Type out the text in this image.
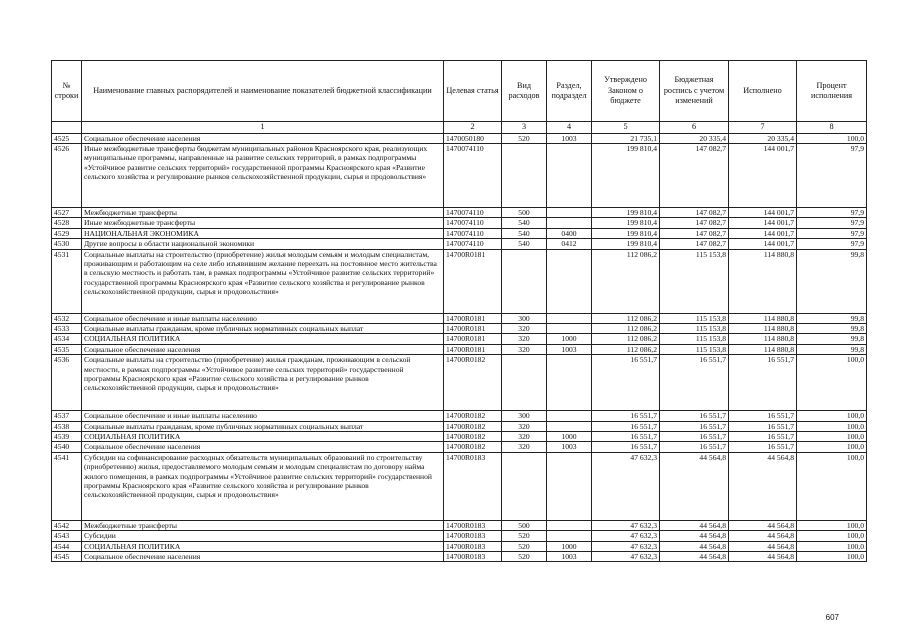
№ строки	Наименование главных распорядителей и наименование показателей бюджетной классификации	Целевая статья	Вид расходов	Раздел, подраздел	Утверждено Законом о бюджете	Бюджетная роспись с учетом изменений	Исполнено	Процент исполнения
	1	2	3	4	5	6	7	8
4525	Социальное обеспечение населения	1470050180	520	1003	21 735,1	20 335,4	20 335,4	100,0
4526	Иные межбюджетные трансферты бюджетам муниципальных районов Красноярского края, реализующих муниципальные программы, направленные на развитие сельских территорий, в рамках подпрограммы «Устойчивое развитие сельских территорий» государственной программы Красноярского края «Развитие сельского хозяйства и регулирование рынков сельскохозяйственной продукции, сырья и продовольствия»	1470074110			199 810,4	147 082,7	144 001,7	97,9
4527	Межбюджетные трансферты	1470074110	500		199 810,4	147 082,7	144 001,7	97,9
4528	Иные межбюджетные трансферты	1470074110	540		199 810,4	147 082,7	144 001,7	97,9
4529	НАЦИОНАЛЬНАЯ ЭКОНОМИКА	1470074110	540	0400	199 810,4	147 082,7	144 001,7	97,9
4530	Другие вопросы в области национальной экономики	1470074110	540	0412	199 810,4	147 082,7	144 001,7	97,9
4531	Социальные выплаты на строительство (приобретение) жилья молодым семьям и молодым специалистам, проживающим и работающим на селе либо изъявившим желание переехать на постоянное место жительства в сельскую местность и работать там, в рамках подпрограммы «Устойчивое развитие сельских территорий» государственной программы Красноярского края «Развитие сельского хозяйства и регулирование рынков сельскохозяйственной продукции, сырья и продовольствия»	14700R0181			112 086,2	115 153,8	114 880,8	99,8
4532	Социальное обеспечение и иные выплаты населению	14700R0181	300		112 086,2	115 153,8	114 880,8	99,8
4533	Социальные выплаты гражданам, кроме публичных нормативных социальных выплат	14700R0181	320		112 086,2	115 153,8	114 880,8	99,8
4534	СОЦИАЛЬНАЯ ПОЛИТИКА	14700R0181	320	1000	112 086,2	115 153,8	114 880,8	99,8
4535	Социальное обеспечение населения	14700R0181	320	1003	112 086,2	115 153,8	114 880,8	99,8
4536	Социальные выплаты на строительство (приобретение) жилья гражданам, проживающим в сельской местности, в рамках подпрограммы «Устойчивое развитие сельских территорий» государственной программы Красноярского края «Развитие сельского хозяйства и регулирование рынков сельскохозяйственной продукции, сырья и продовольствия»	14700R0182			16 551,7	16 551,7	16 551,7	100,0
4537	Социальное обеспечение и иные выплаты населению	14700R0182	300		16 551,7	16 551,7	16 551,7	100,0
4538	Социальные выплаты гражданам, кроме публичных нормативных социальных выплат	14700R0182	320		16 551,7	16 551,7	16 551,7	100,0
4539	СОЦИАЛЬНАЯ ПОЛИТИКА	14700R0182	320	1000	16 551,7	16 551,7	16 551,7	100,0
4540	Социальное обеспечение населения	14700R0182	320	1003	16 551,7	16 551,7	16 551,7	100,0
4541	Субсидии на софинансирование расходных обязательств муниципальных образований по строительству (приобретению) жилья, предоставляемого молодым семьям и молодым специалистам по договору найма жилого помещения, в рамках подпрограммы «Устойчивое развитие сельских территорий» государственной программы Красноярского края «Развитие сельского хозяйства и регулирование рынков сельскохозяйственной продукции, сырья и продовольствия»	14700R0183			47 632,3	44 564,8	44 564,8	100,0
4542	Межбюджетные трансферты	14700R0183	500		47 632,3	44 564,8	44 564,8	100,0
4543	Субсидии	14700R0183	520		47 632,3	44 564,8	44 564,8	100,0
4544	СОЦИАЛЬНАЯ ПОЛИТИКА	14700R0183	520	1000	47 632,3	44 564,8	44 564,8	100,0
4545	Социальное обеспечение населения	14700R0183	520	1003	47 632,3	44 564,8	44 564,8	100,0
607
